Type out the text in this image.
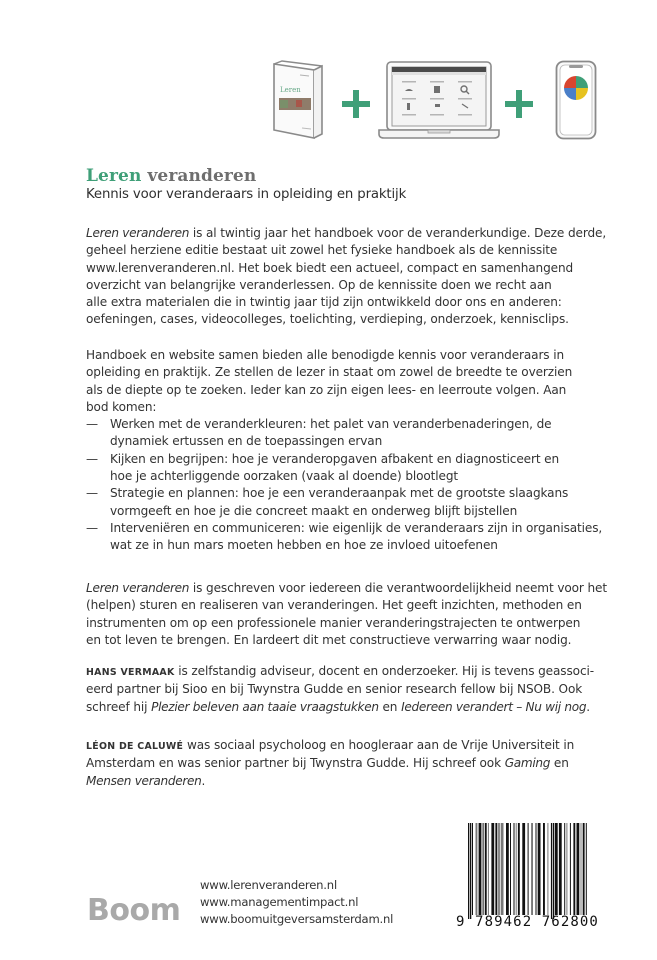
Leren
Leren veranderen
Kennis voor veranderaars in opleiding en praktijk
Leren veranderen is al twintig jaar het handboek voor de veranderkundige. Deze derde,
geheel herziene editie bestaat uit zowel het fysieke handboek als de kennissite
www.lerenveranderen.nl. Het boek biedt een actueel, compact en samenhangend
overzicht van belangrijke veranderlessen. Op de kennissite doen we recht aan
alle extra materialen die in twintig jaar tijd zijn ontwikkeld door ons en anderen:
oefeningen, cases, videocolleges, toelichting, verdieping, onderzoek, kennisclips.
Handboek en website samen bieden alle benodigde kennis voor veranderaars in
opleiding en praktijk. Ze stellen de lezer in staat om zowel de breedte te overzien
als de diepte op te zoeken. Ieder kan zo zijn eigen lees- en leerroute volgen. Aan
bod komen:
— Werken met de veranderkleuren: het palet van veranderbenaderingen, de
dynamiek ertussen en de toepassingen ervan
— Kijken en begrijpen: hoe je veranderopgaven afbakent en diagnosticeert en
hoe je achterliggende oorzaken (vaak al doende) blootlegt
— Strategie en plannen: hoe je een veranderaanpak met de grootste slaagkans
vormgeeft en hoe je die concreet maakt en onderweg blijft bijstellen
— Interveniëren en communiceren: wie eigenlijk de veranderaars zijn in organisaties,
wat ze in hun mars moeten hebben en hoe ze invloed uitoefenen
Leren veranderen is geschreven voor iedereen die verantwoordelijkheid neemt voor het
(helpen) sturen en realiseren van veranderingen. Het geeft inzichten, methoden en
instrumenten om op een professionele manier veranderingstrajecten te ontwerpen
en tot leven te brengen. En lardeert dit met constructieve verwarring waar nodig.
HANS VERMAAK is zelfstandig adviseur, docent en onderzoeker. Hij is tevens geassoci-
eerd partner bij Sioo en bij Twynstra Gudde en senior research fellow bij NSOB. Ook
schreef hij Plezier beleven aan taaie vraagstukken en Iedereen verandert – Nu wij nog.
LÉON DE CALUWÉ was sociaal psycholoog en hoogleraar aan de Vrije Universiteit in
Amsterdam en was senior partner bij Twynstra Gudde. Hij schreef ook Gaming en
Mensen veranderen.
Boom
www.lerenveranderen.nl
www.managementimpact.nl
www.boomuitgeversamsterdam.nl	9 789462 762800
